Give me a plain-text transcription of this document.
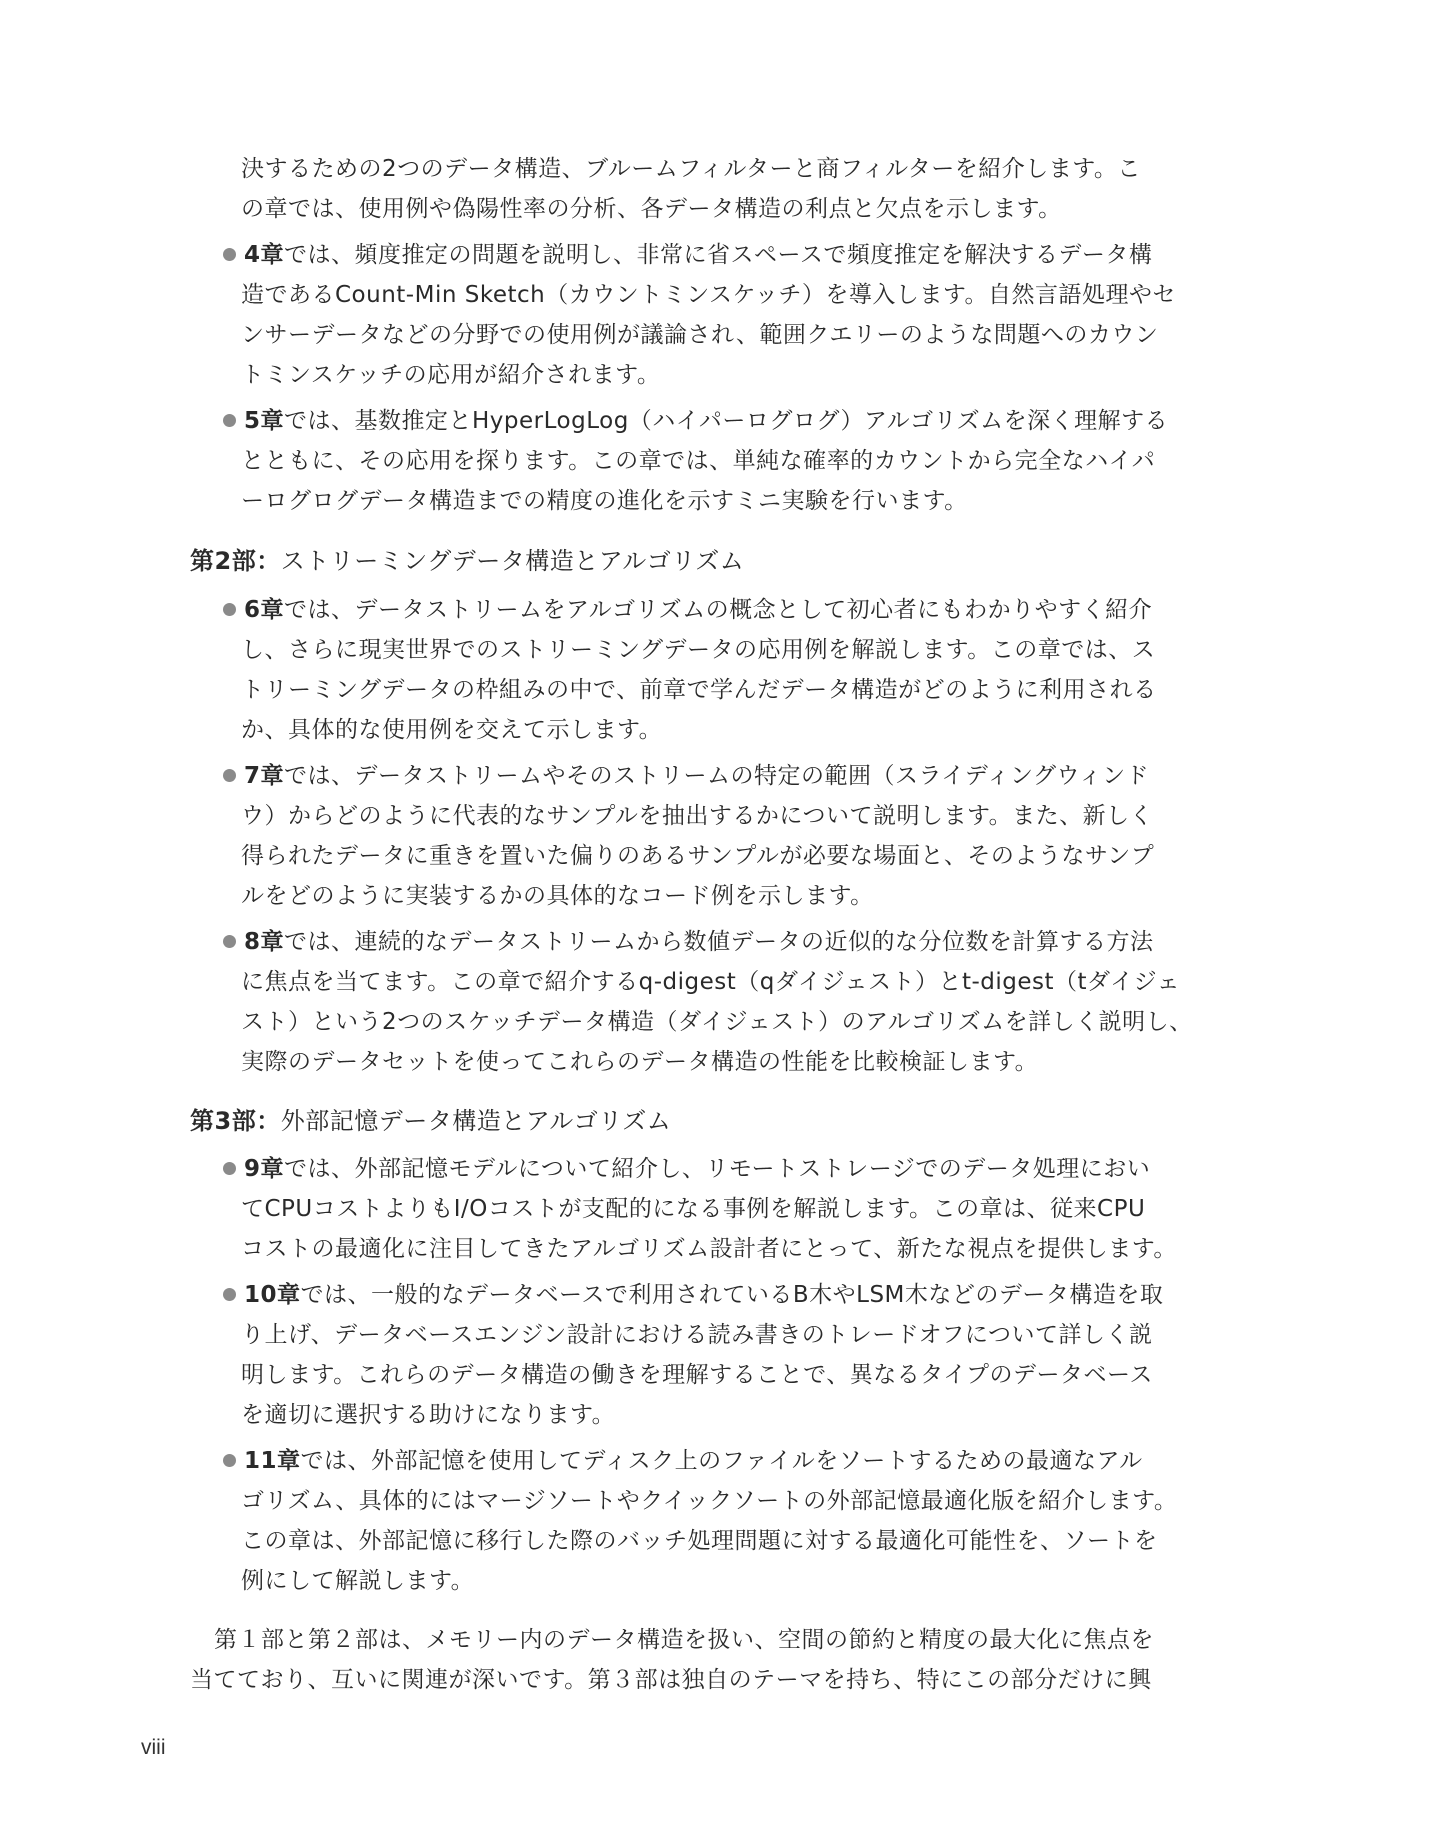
決するための2つのデータ構造、ブルームフィルターと商フィルターを紹介します。こ
の章では、使用例や偽陽性率の分析、各データ構造の利点と欠点を示します。
4章では、頻度推定の問題を説明し、非常に省スペースで頻度推定を解決するデータ構
造であるCount-Min Sketch（カウントミンスケッチ）を導入します。自然言語処理やセ
ンサーデータなどの分野での使用例が議論され、範囲クエリーのような問題へのカウン
トミンスケッチの応用が紹介されます。
5章では、基数推定とHyperLogLog（ハイパーログログ）アルゴリズムを深く理解する
とともに、その応用を探ります。この章では、単純な確率的カウントから完全なハイパ
ーログログデータ構造までの精度の進化を示すミニ実験を行います。
第2部：ストリーミングデータ構造とアルゴリズム
6章では、データストリームをアルゴリズムの概念として初心者にもわかりやすく紹介
し、さらに現実世界でのストリーミングデータの応用例を解説します。この章では、ス
トリーミングデータの枠組みの中で、前章で学んだデータ構造がどのように利用される
か、具体的な使用例を交えて示します。
7章では、データストリームやそのストリームの特定の範囲（スライディングウィンド
ウ）からどのように代表的なサンプルを抽出するかについて説明します。また、新しく
得られたデータに重きを置いた偏りのあるサンプルが必要な場面と、そのようなサンプ
ルをどのように実装するかの具体的なコード例を示します。
8章では、連続的なデータストリームから数値データの近似的な分位数を計算する方法
に焦点を当てます。この章で紹介するq-digest（qダイジェスト）とt-digest（tダイジェ
スト）という2つのスケッチデータ構造（ダイジェスト）のアルゴリズムを詳しく説明し、
実際のデータセットを使ってこれらのデータ構造の性能を比較検証します。
第3部：外部記憶データ構造とアルゴリズム
9章では、外部記憶モデルについて紹介し、リモートストレージでのデータ処理におい
てCPUコストよりもI/Oコストが支配的になる事例を解説します。この章は、従来CPU
コストの最適化に注目してきたアルゴリズム設計者にとって、新たな視点を提供します。
10章では、一般的なデータベースで利用されているB木やLSM木などのデータ構造を取
り上げ、データベースエンジン設計における読み書きのトレードオフについて詳しく説
明します。これらのデータ構造の働きを理解することで、異なるタイプのデータベース
を適切に選択する助けになります。
11章では、外部記憶を使用してディスク上のファイルをソートするための最適なアル
ゴリズム、具体的にはマージソートやクイックソートの外部記憶最適化版を紹介します。
この章は、外部記憶に移行した際のバッチ処理問題に対する最適化可能性を、ソートを
例にして解説します。
第１部と第２部は、メモリー内のデータ構造を扱い、空間の節約と精度の最大化に焦点を
当てており、互いに関連が深いです。第３部は独自のテーマを持ち、特にこの部分だけに興
viii
